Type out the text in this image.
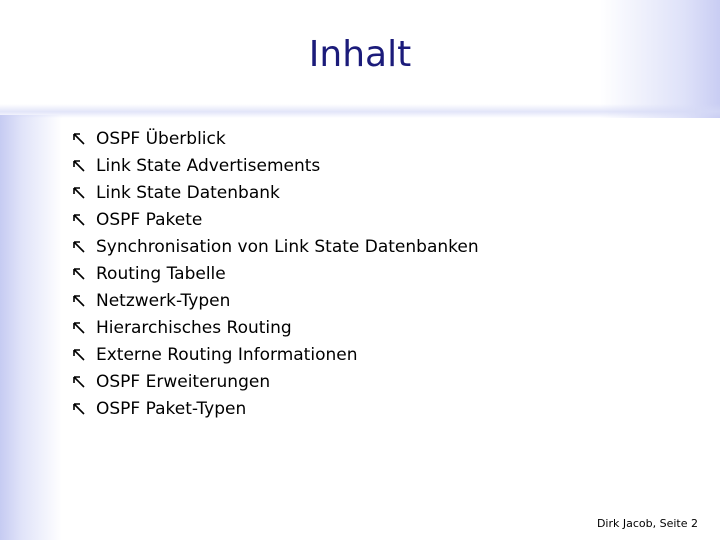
Inhalt
OSPF Überblick
Link State Advertisements
Link State Datenbank
OSPF Pakete
Synchronisation von Link State Datenbanken
Routing Tabelle
Netzwerk-Typen
Hierarchisches Routing
Externe Routing Informationen
OSPF Erweiterungen
OSPF Paket-Typen
Dirk Jacob, Seite 2
